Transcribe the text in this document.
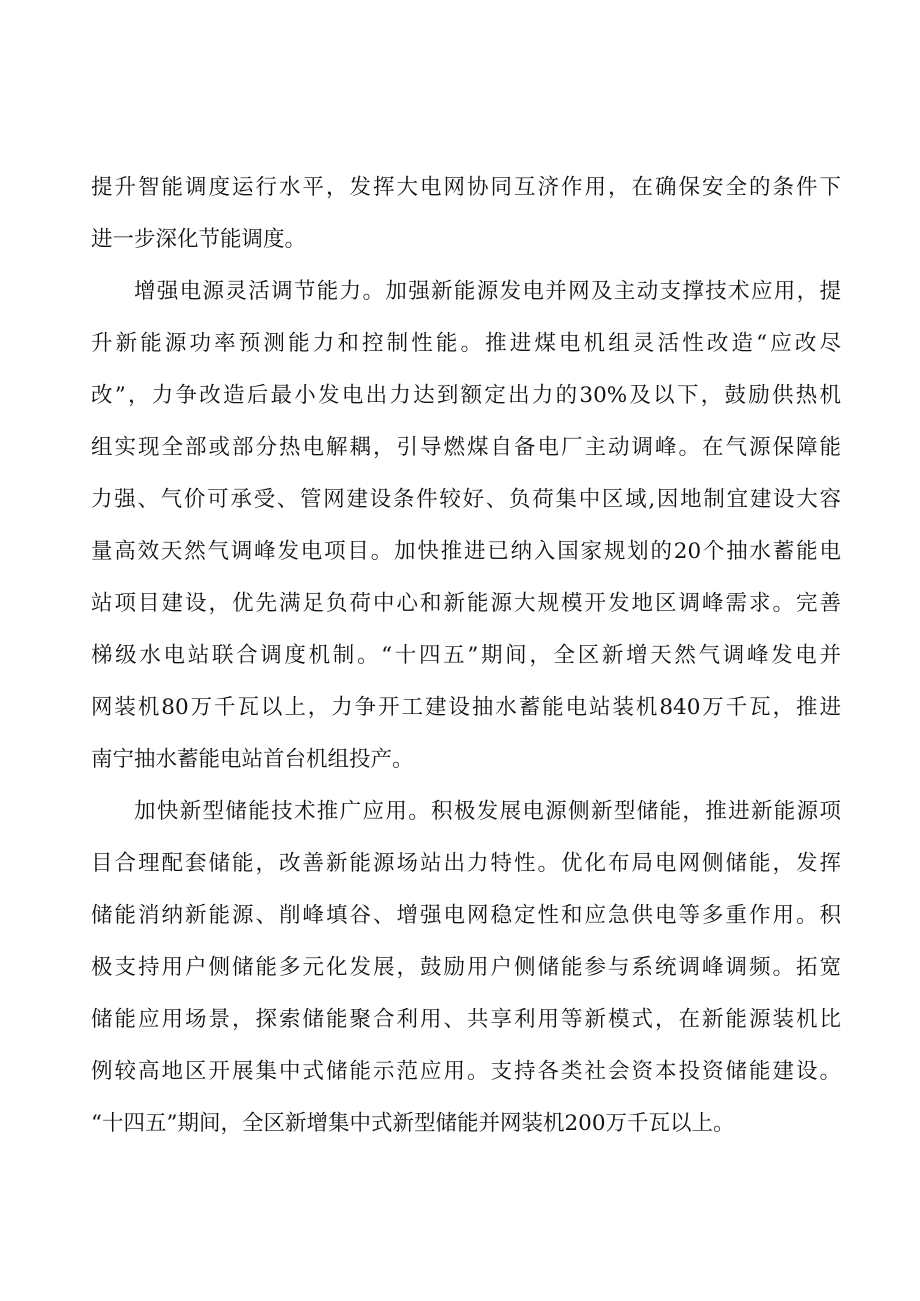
提升智能调度运行水平，发挥大电网协同互济作用，在确保安全的条件下
进一步深化节能调度。
增强电源灵活调节能力。加强新能源发电并网及主动支撑技术应用，提
升新能源功率预测能力和控制性能。推进煤电机组灵活性改造“应改尽
改”，力争改造后最小发电出力达到额定出力的30%及以下，鼓励供热机
组实现全部或部分热电解耦，引导燃煤自备电厂主动调峰。在气源保障能
力强、气价可承受、管网建设条件较好、负荷集中区域,因地制宜建设大容
量高效天然气调峰发电项目。加快推进已纳入国家规划的20个抽水蓄能电
站项目建设，优先满足负荷中心和新能源大规模开发地区调峰需求。完善
梯级水电站联合调度机制。“十四五”期间，全区新增天然气调峰发电并
网装机80万千瓦以上，力争开工建设抽水蓄能电站装机840万千瓦，推进
南宁抽水蓄能电站首台机组投产。
加快新型储能技术推广应用。积极发展电源侧新型储能，推进新能源项
目合理配套储能，改善新能源场站出力特性。优化布局电网侧储能，发挥
储能消纳新能源、削峰填谷、增强电网稳定性和应急供电等多重作用。积
极支持用户侧储能多元化发展，鼓励用户侧储能参与系统调峰调频。拓宽
储能应用场景，探索储能聚合利用、共享利用等新模式，在新能源装机比
例较高地区开展集中式储能示范应用。支持各类社会资本投资储能建设。
“十四五”期间，全区新增集中式新型储能并网装机200万千瓦以上。
